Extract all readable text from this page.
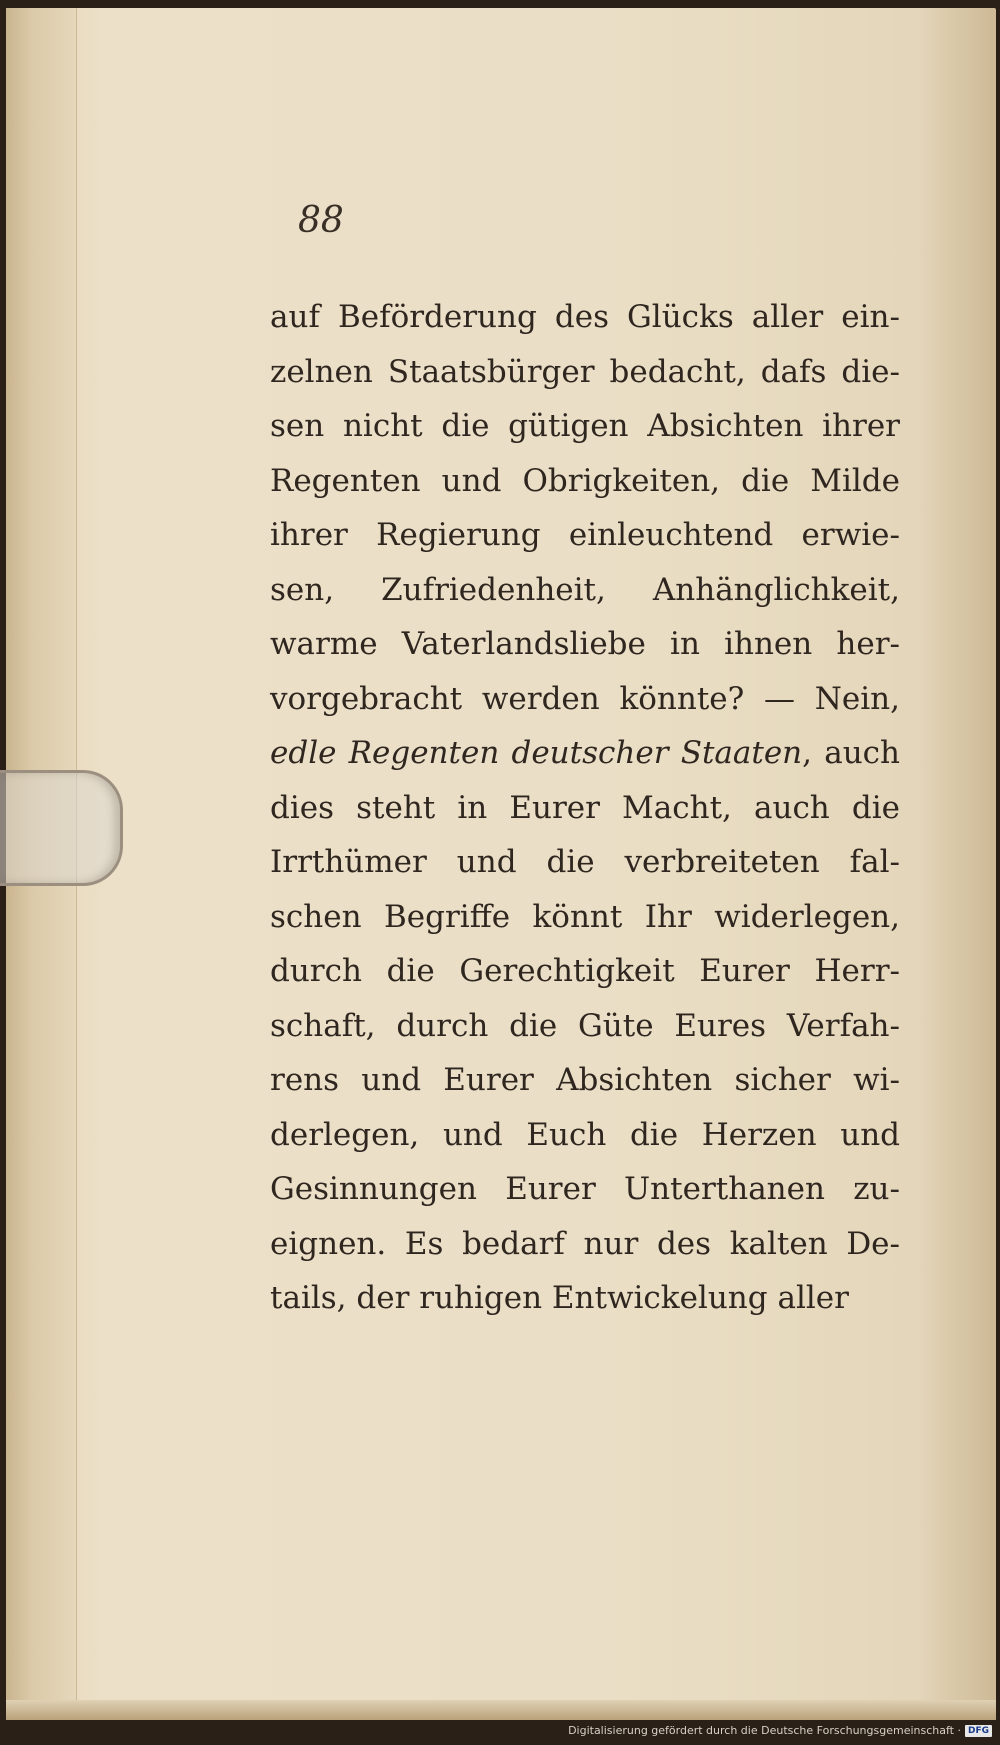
88
auf Beförderung des Glücks aller ein-
zelnen Staatsbürger bedacht, dafs die-
sen nicht die gütigen Absichten ihrer
Regenten und Obrigkeiten, die Milde
ihrer Regierung einleuchtend erwie-
sen, Zufriedenheit, Anhänglichkeit,
warme Vaterlandsliebe in ihnen her-
vorgebracht werden könnte? — Nein,
edle Regenten deutscher Staaten, auch
dies steht in Eurer Macht, auch die
Irrthümer und die verbreiteten fal-
schen Begriffe könnt Ihr widerlegen,
durch die Gerechtigkeit Eurer Herr-
schaft, durch die Güte Eures Verfah-
rens und Eurer Absichten sicher wi-
derlegen, und Euch die Herzen und
Gesinnungen Eurer Unterthanen zu-
eignen. Es bedarf nur des kalten De-
tails, der ruhigen Entwickelung aller
Digitalisierung gefördert durch die Deutsche Forschungsgemeinschaft · DFG
